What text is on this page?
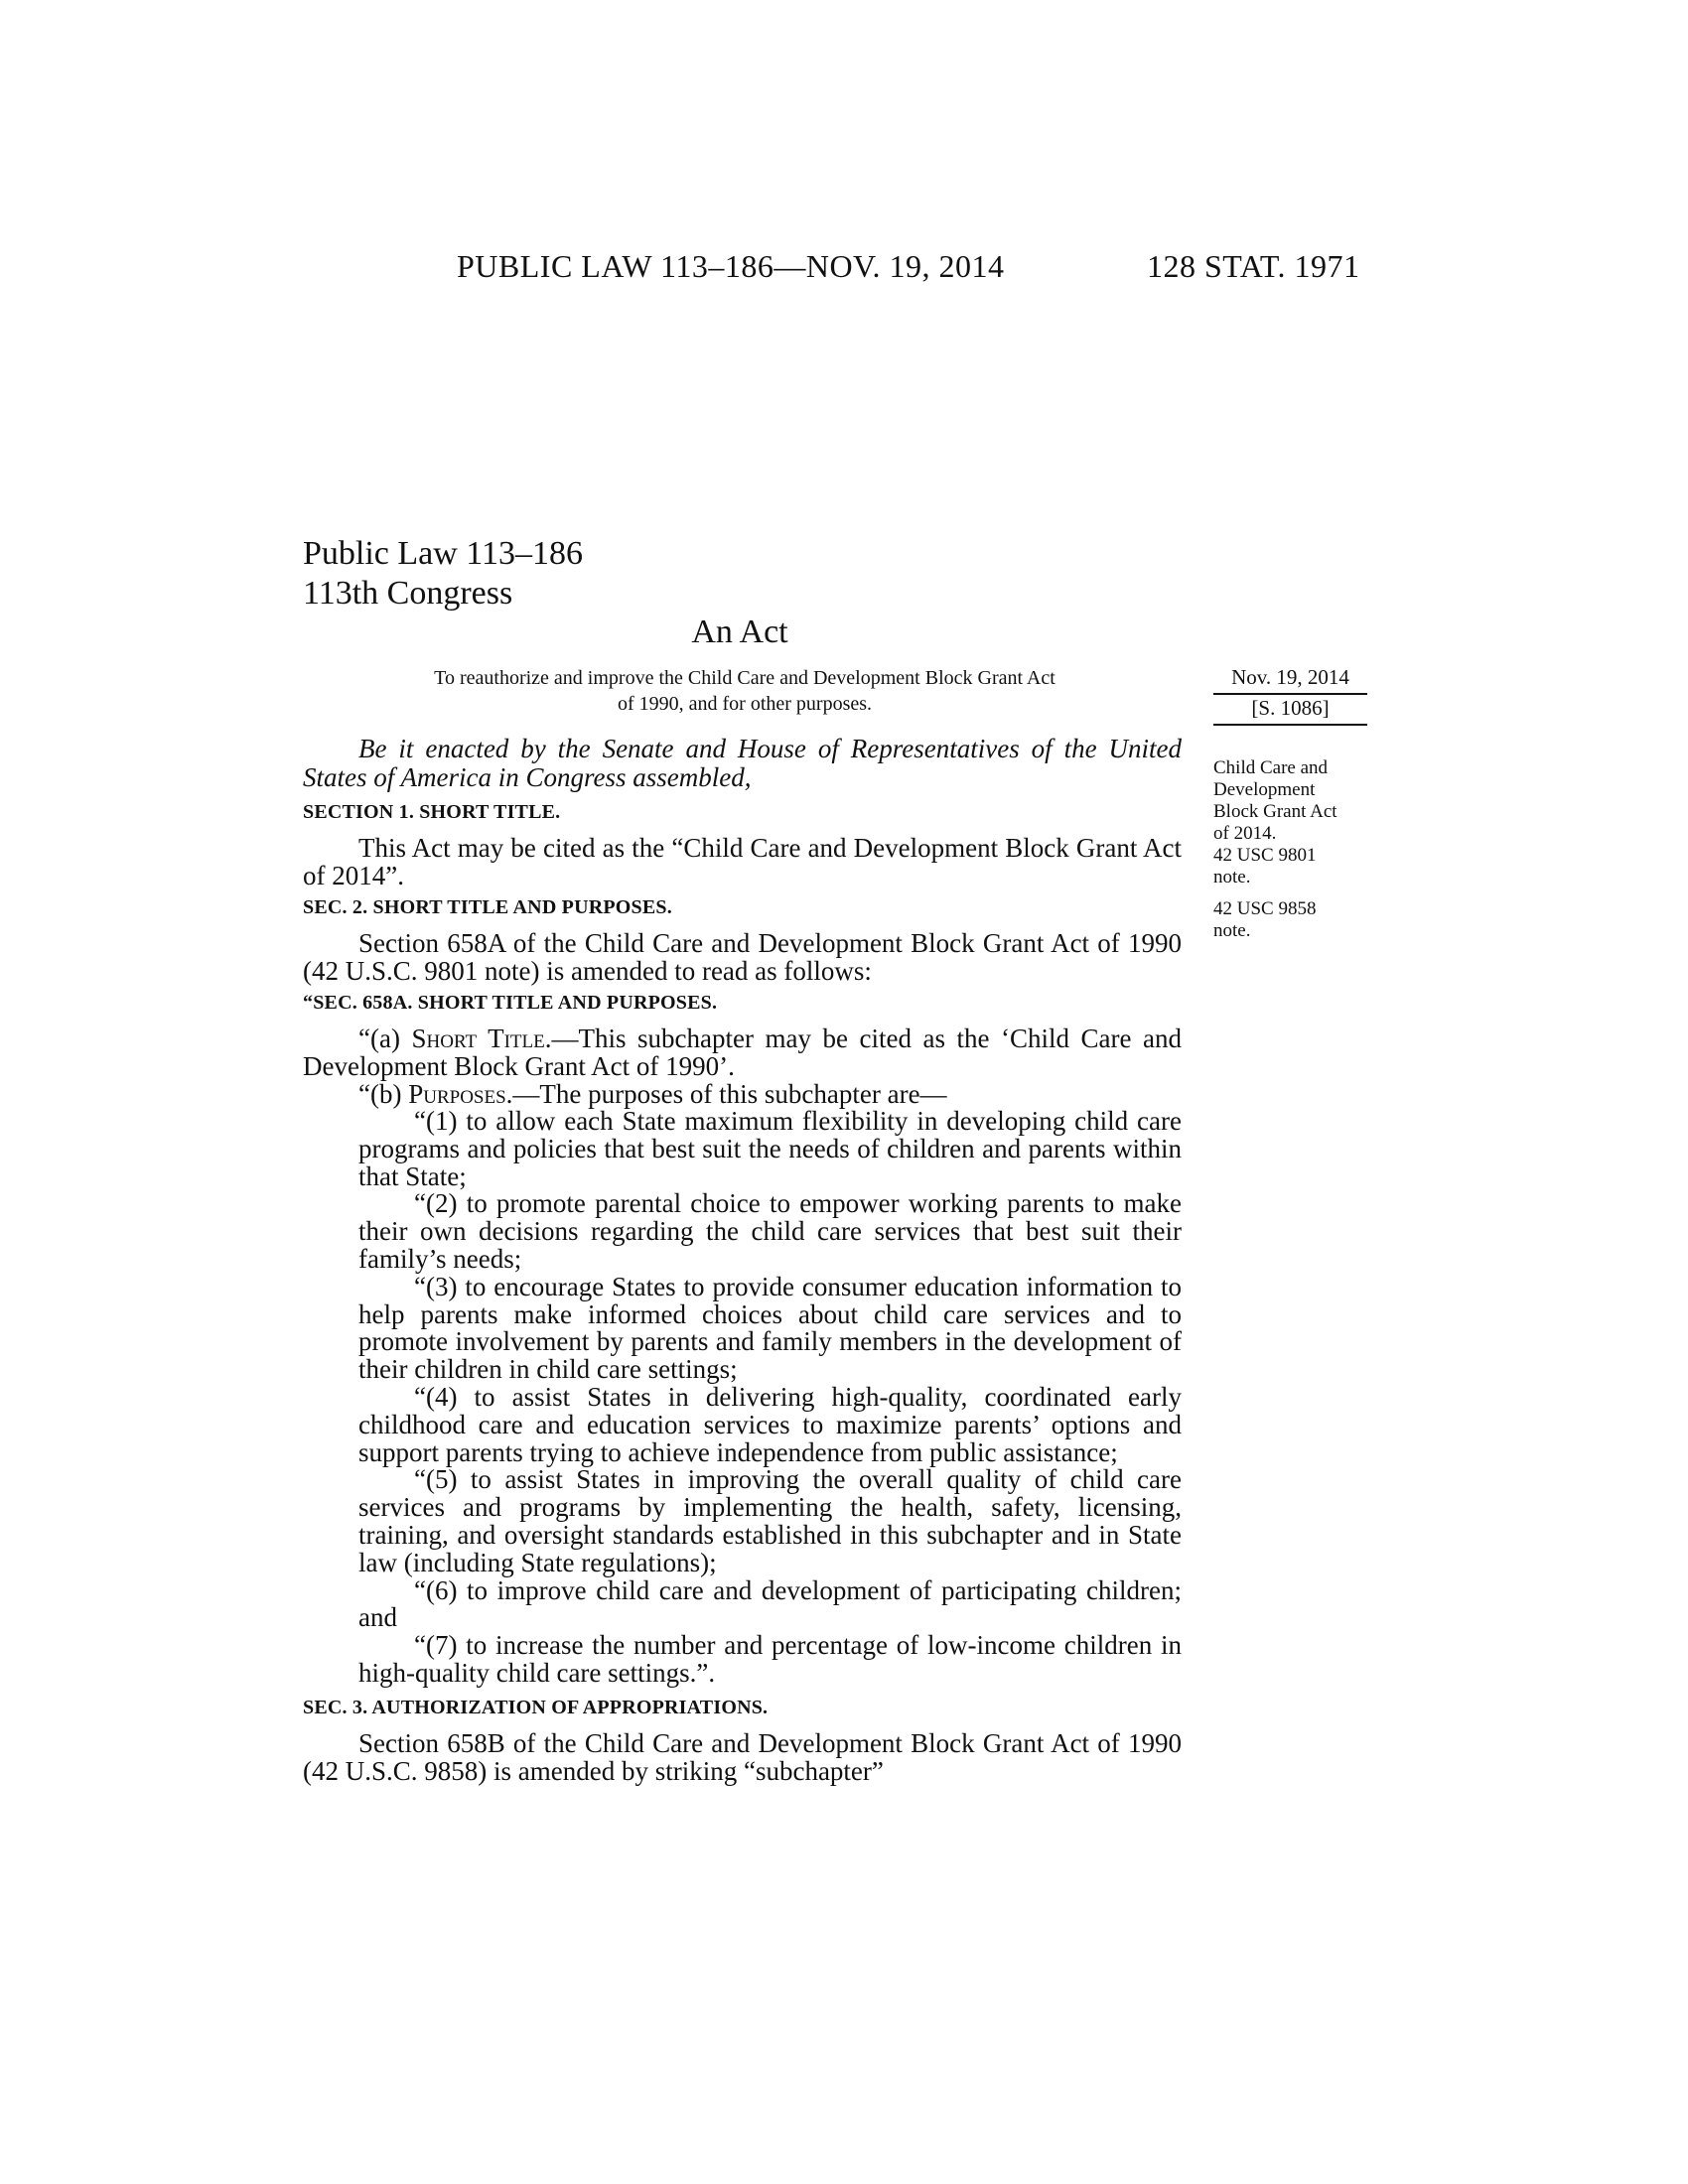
PUBLIC LAW 113–186—NOV. 19, 2014	128 STAT. 1971
Public Law 113–186
113th Congress
An Act
To reauthorize and improve the Child Care and Development Block Grant Act
of 1990, and for other purposes.
Nov. 19, 2014
[S. 1086]
Child Care and
Development
Block Grant Act
of 2014.
42 USC 9801
note.
42 USC 9858
note.

Be it enacted by the Senate and House of Representatives of the United States of America in Congress assembled,

SECTION 1. SHORT TITLE.

This Act may be cited as the “Child Care and Development Block Grant Act of 2014”.

SEC. 2. SHORT TITLE AND PURPOSES.

Section 658A of the Child Care and Development Block Grant Act of 1990 (42 U.S.C. 9801 note) is amended to read as follows:

“SEC. 658A. SHORT TITLE AND PURPOSES.

“(a) Short Title.—This subchapter may be cited as the ‘Child Care and Development Block Grant Act of 1990’.

“(b) Purposes.—The purposes of this subchapter are—

“(1) to allow each State maximum flexibility in developing child care programs and policies that best suit the needs of children and parents within that State;

“(2) to promote parental choice to empower working parents to make their own decisions regarding the child care services that best suit their family’s needs;

“(3) to encourage States to provide consumer education information to help parents make informed choices about child care services and to promote involvement by parents and family members in the development of their children in child care settings;

“(4) to assist States in delivering high-quality, coordinated early childhood care and education services to maximize parents’ options and support parents trying to achieve independence from public assistance;

“(5) to assist States in improving the overall quality of child care services and programs by implementing the health, safety, licensing, training, and oversight standards established in this subchapter and in State law (including State regulations);

“(6) to improve child care and development of participating children; and

“(7) to increase the number and percentage of low-income children in high-quality child care settings.”.

SEC. 3. AUTHORIZATION OF APPROPRIATIONS.

Section 658B of the Child Care and Development Block Grant Act of 1990 (42 U.S.C. 9858) is amended by striking “subchapter”
